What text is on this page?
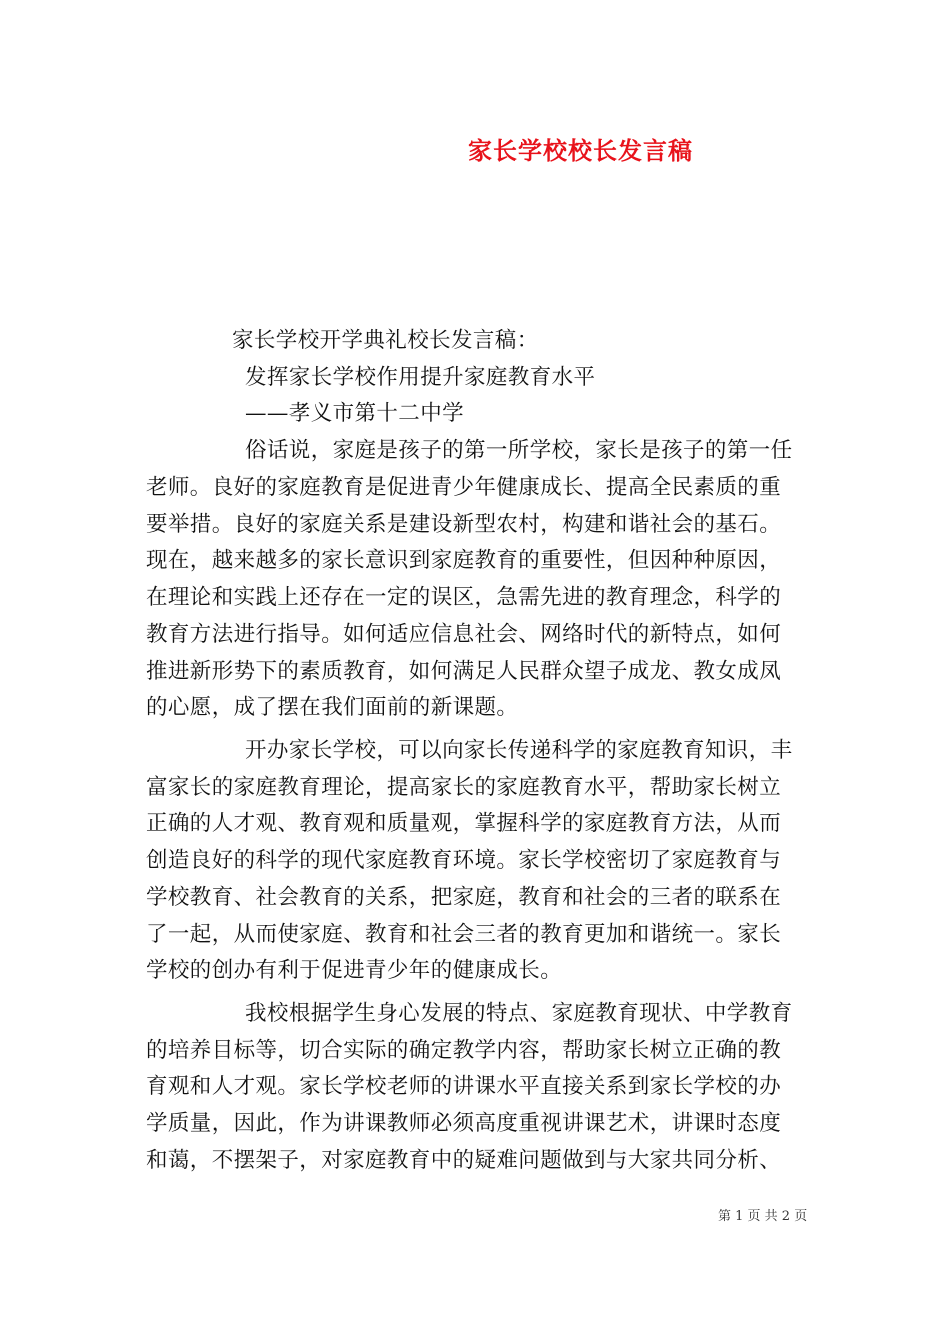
家长学校校长发言稿
家长学校开学典礼校长发言稿：
发挥家长学校作用提升家庭教育水平
——孝义市第十二中学
俗话说，家庭是孩子的第一所学校，家长是孩子的第一任
老师。良好的家庭教育是促进青少年健康成长、提高全民素质的重
要举措。良好的家庭关系是建设新型农村，构建和谐社会的基石。
现在，越来越多的家长意识到家庭教育的重要性，但因种种原因，
在理论和实践上还存在一定的误区，急需先进的教育理念，科学的
教育方法进行指导。如何适应信息社会、网络时代的新特点，如何
推进新形势下的素质教育，如何满足人民群众望子成龙、教女成凤
的心愿，成了摆在我们面前的新课题。
开办家长学校，可以向家长传递科学的家庭教育知识，丰
富家长的家庭教育理论，提高家长的家庭教育水平，帮助家长树立
正确的人才观、教育观和质量观，掌握科学的家庭教育方法，从而
创造良好的科学的现代家庭教育环境。家长学校密切了家庭教育与
学校教育、社会教育的关系，把家庭，教育和社会的三者的联系在
了一起，从而使家庭、教育和社会三者的教育更加和谐统一。家长
学校的创办有利于促进青少年的健康成长。
我校根据学生身心发展的特点、家庭教育现状、中学教育
的培养目标等，切合实际的确定教学内容，帮助家长树立正确的教
育观和人才观。家长学校老师的讲课水平直接关系到家长学校的办
学质量，因此，作为讲课教师必须高度重视讲课艺术，讲课时态度
和蔼，不摆架子，对家庭教育中的疑难问题做到与大家共同分析、
第 1 页 共 2 页
